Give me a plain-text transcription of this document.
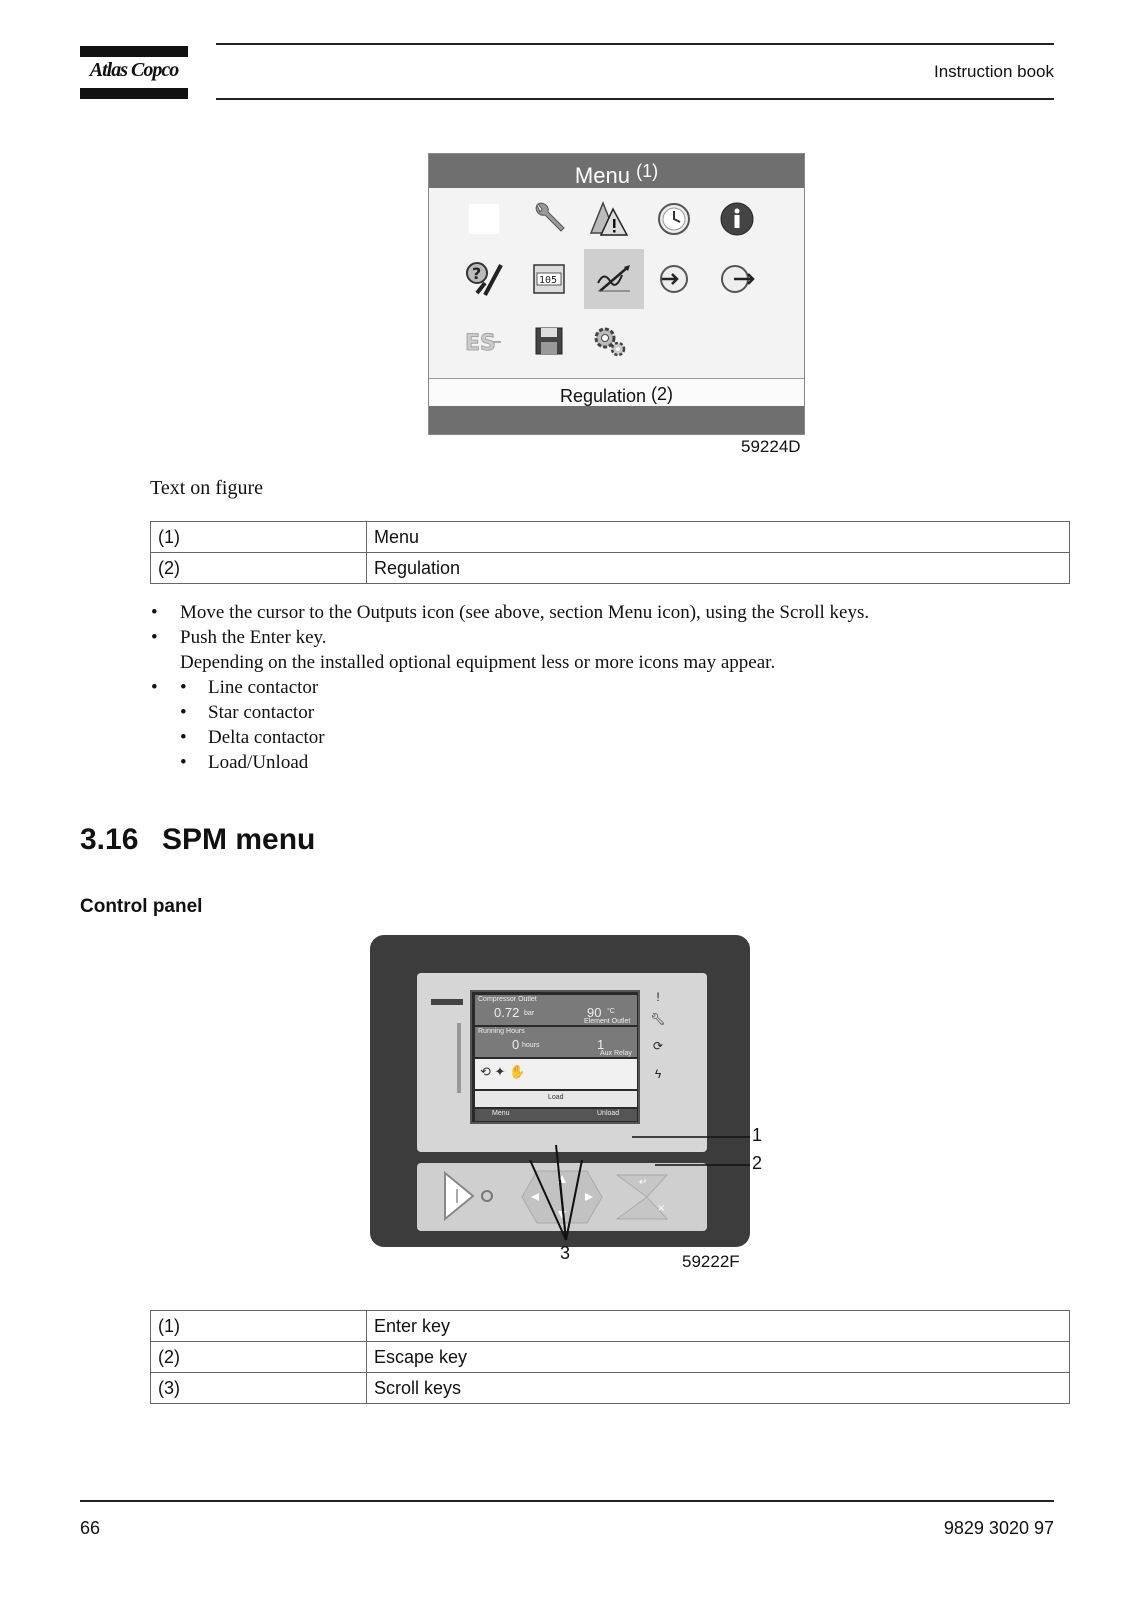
Atlas Copco	Instruction book
Menu $^{(1)}$
?	105
ES
Regulation (2)
59224D
Text on figure
(1)	Menu
(2)	Regulation
• Move the cursor to the Outputs icon (see above, section Menu icon), using the Scroll keys.
• Push the Enter key.
Depending on the installed optional equipment less or more icons may appear.
• • Line contactor
• Star contactor
• Delta contactor
• Load/Unload
3.16 SPM menu
Control panel
Compressor Outlet
0.72 bar	90 °C
Element Outlet
Running Hours
0 hours	1
Aux Relay
⟲ ✦ ✋
Load
Menu	Unload
!
🔧︎
⟳
ϟ
↵
×
1
2
3	59222F
(1)	Enter key
(2)	Escape key
(3)	Scroll keys
66	9829 3020 97
